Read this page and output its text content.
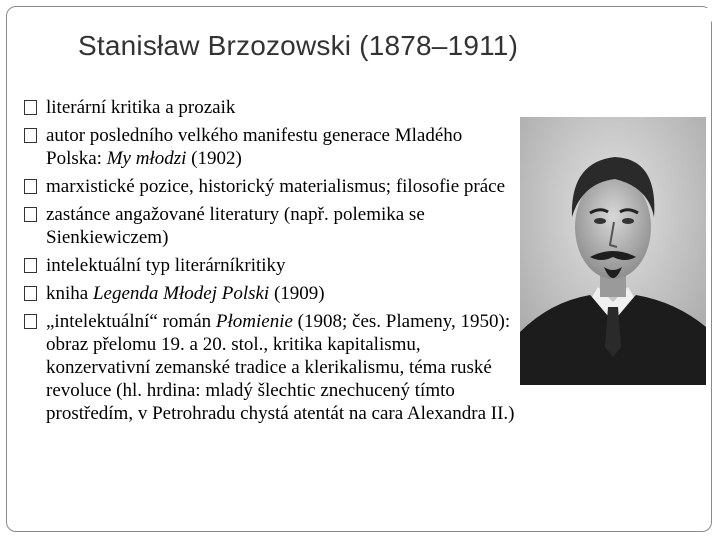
Stanisław Brzozowski (1878–1911)
literární kritika a prozaik
autor posledního velkého manifestu generace Mladého Polska: My młodzi (1902)
marxistické pozice, historický materialismus; filosofie práce
zastánce angažované literatury (např. polemika se Sienkiewiczem)
intelektuální typ literárníkritiky
kniha Legenda Młodej Polski (1909)
„intelektuální“ román Płomienie (1908; čes. Plameny, 1950): obraz přelomu 19. a 20. stol., kritika kapitalismu, konzervativní zemanské tradice a klerikalismu, téma ruské revoluce (hl. hrdina: mladý šlechtic znechucený tímto prostředím, v Petrohradu chystá atentát na cara Alexandra II.)
